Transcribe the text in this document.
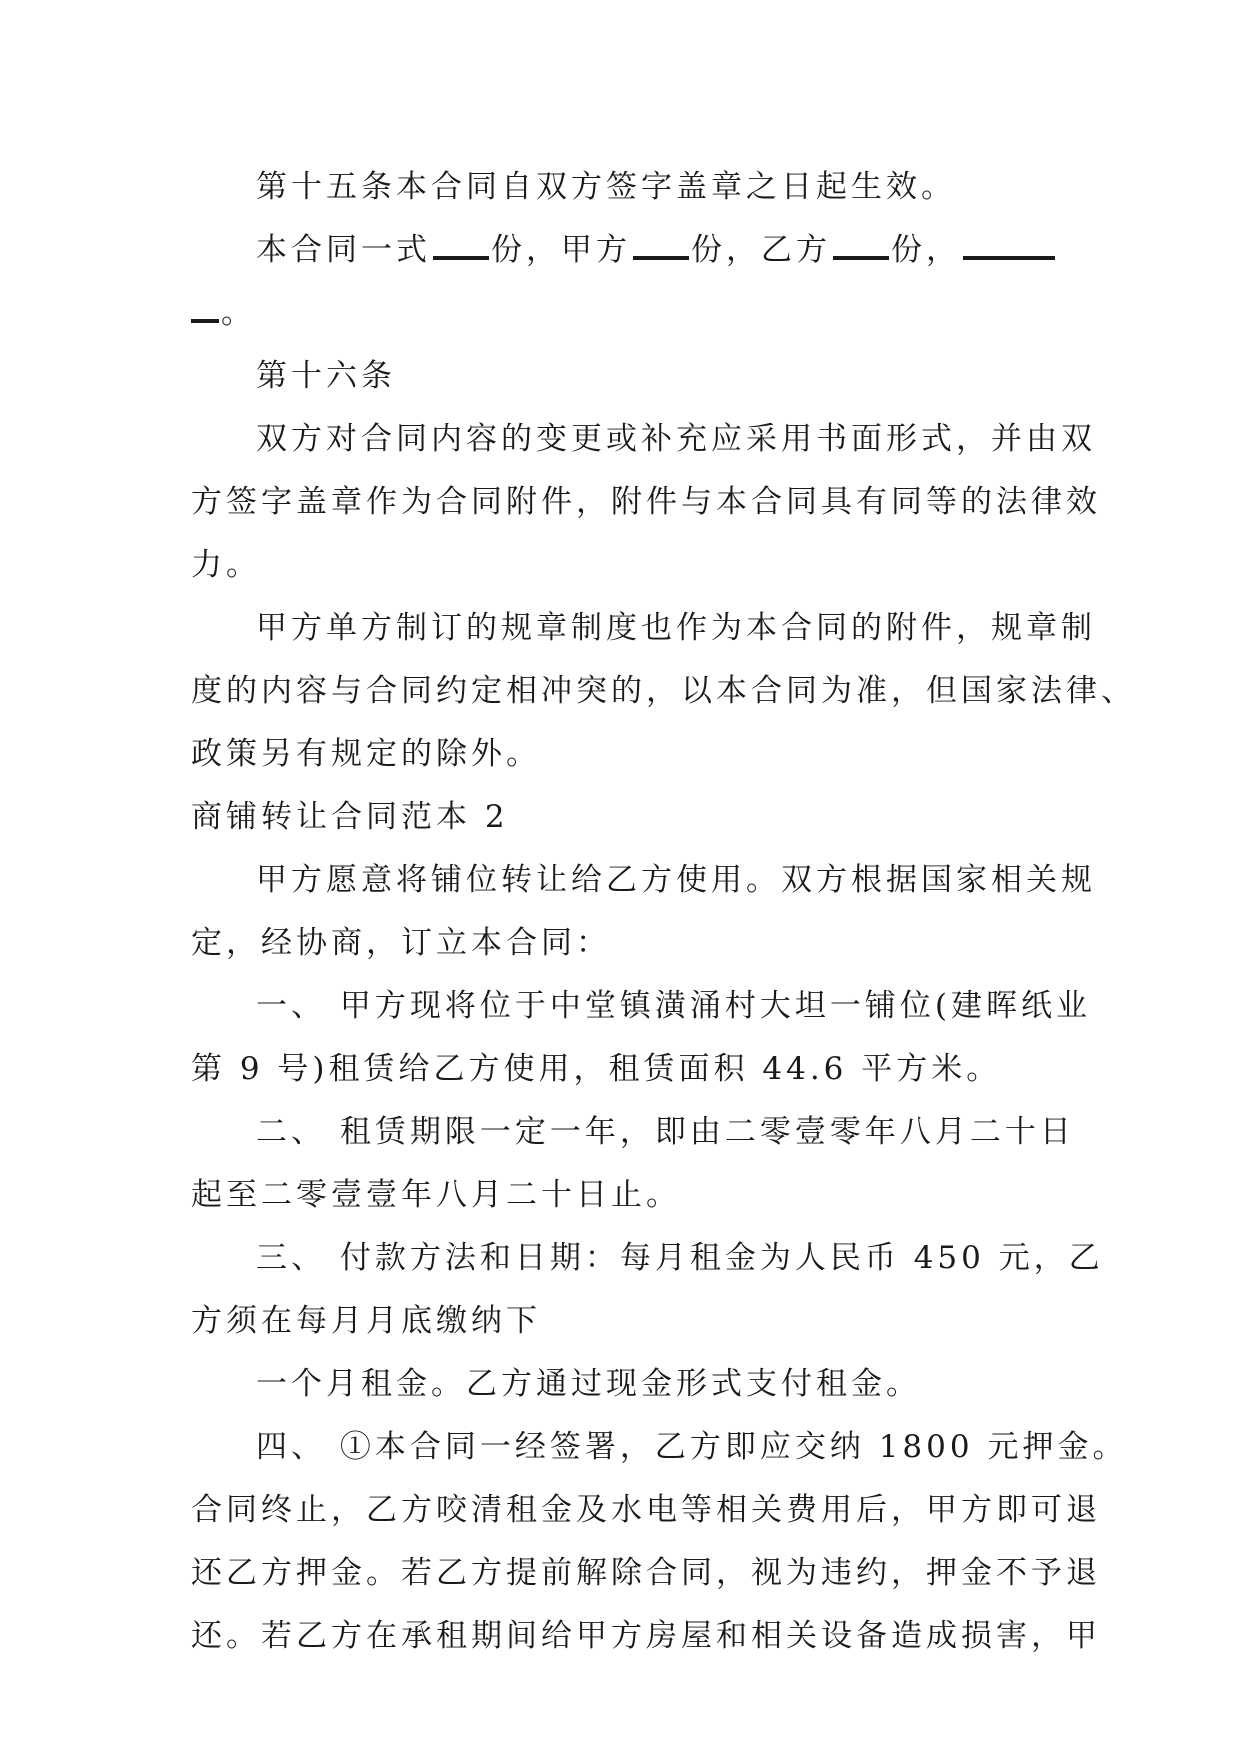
第十五条本合同自双方签字盖章之日起生效。
本合同一式 份，甲方 份，乙方 份，
。
第十六条
双方对合同内容的变更或补充应采用书面形式，并由双
方签字盖章作为合同附件，附件与本合同具有同等的法律效
力。
甲方单方制订的规章制度也作为本合同的附件，规章制
度的内容与合同约定相冲突的，以本合同为准，但国家法律、
政策另有规定的除外。
商铺转让合同范本 2
甲方愿意将铺位转让给乙方使用。双方根据国家相关规
定，经协商，订立本合同：
一、 甲方现将位于中堂镇潢涌村大坦一铺位(建晖纸业
第 9 号)租赁给乙方使用，租赁面积 44.6 平方米。
二、 租赁期限一定一年，即由二零壹零年八月二十日
起至二零壹壹年八月二十日止。
三、 付款方法和日期：每月租金为人民币 450 元，乙
方须在每月月底缴纳下
一个月租金。乙方通过现金形式支付租金。
四、 ①本合同一经签署，乙方即应交纳 1800 元押金。
合同终止，乙方咬清租金及水电等相关费用后，甲方即可退
还乙方押金。若乙方提前解除合同，视为违约，押金不予退
还。若乙方在承租期间给甲方房屋和相关设备造成损害，甲
